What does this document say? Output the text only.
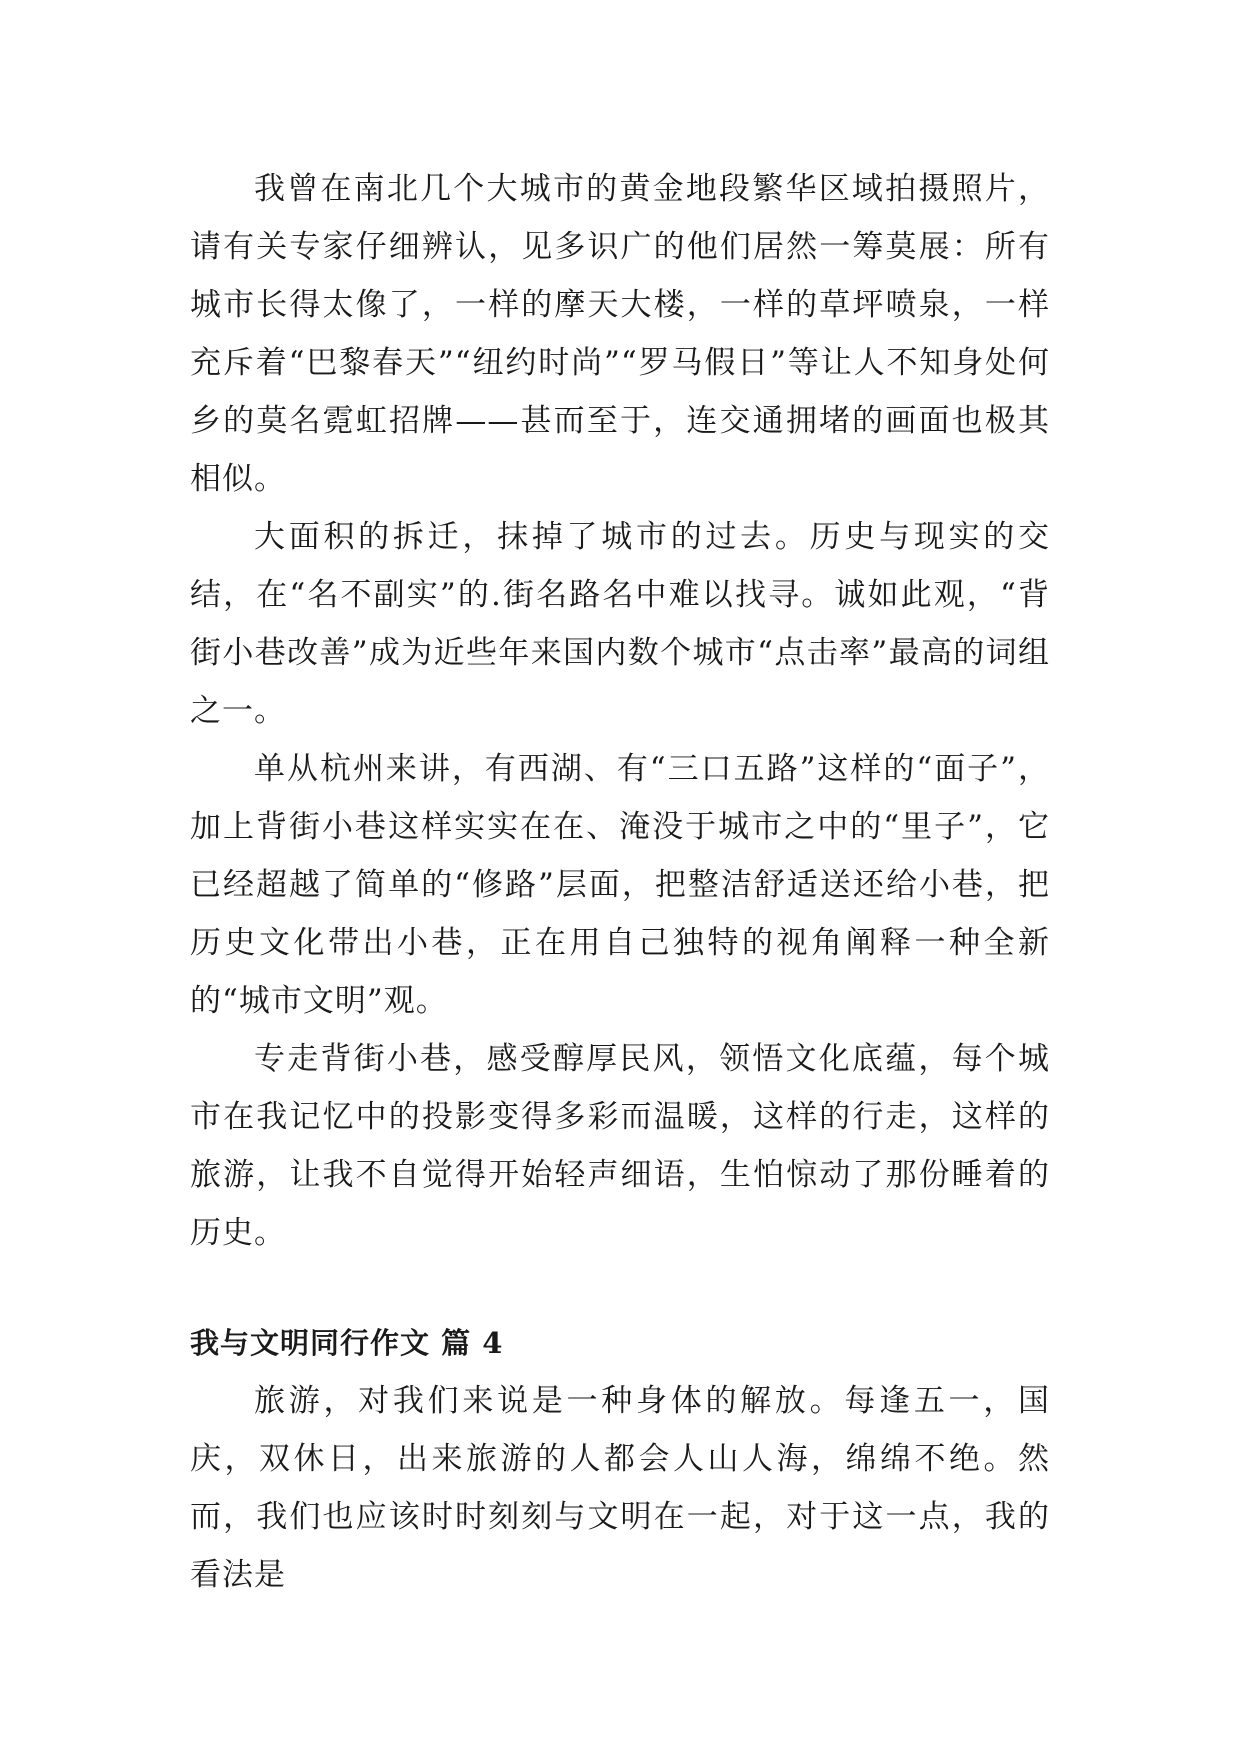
我曾在南北几个大城市的黄金地段繁华区域拍摄照片，请有关专家仔细辨认，见多识广的他们居然一筹莫展：所有城市长得太像了，一样的摩天大楼，一样的草坪喷泉，一样充斥着“巴黎春天”“纽约时尚”“罗马假日”等让人不知身处何乡的莫名霓虹招牌——甚而至于，连交通拥堵的画面也极其相似。

大面积的拆迁，抹掉了城市的过去。历史与现实的交结，在“名不副实”的.街名路名中难以找寻。诚如此观，“背街小巷改善”成为近些年来国内数个城市“点击率”最高的词组之一。

单从杭州来讲，有西湖、有“三口五路”这样的“面子”，加上背街小巷这样实实在在、淹没于城市之中的“里子”，它已经超越了简单的“修路”层面，把整洁舒适送还给小巷，把历史文化带出小巷，正在用自己独特的视角阐释一种全新的“城市文明”观。

专走背街小巷，感受醇厚民风，领悟文化底蕴，每个城市在我记忆中的投影变得多彩而温暖，这样的行走，这样的旅游，让我不自觉得开始轻声细语，生怕惊动了那份睡着的历史。

我与文明同行作文 篇 4

旅游，对我们来说是一种身体的解放。每逢五一，国庆，双休日，出来旅游的人都会人山人海，绵绵不绝。然而，我们也应该时时刻刻与文明在一起，对于这一点，我的看法是
